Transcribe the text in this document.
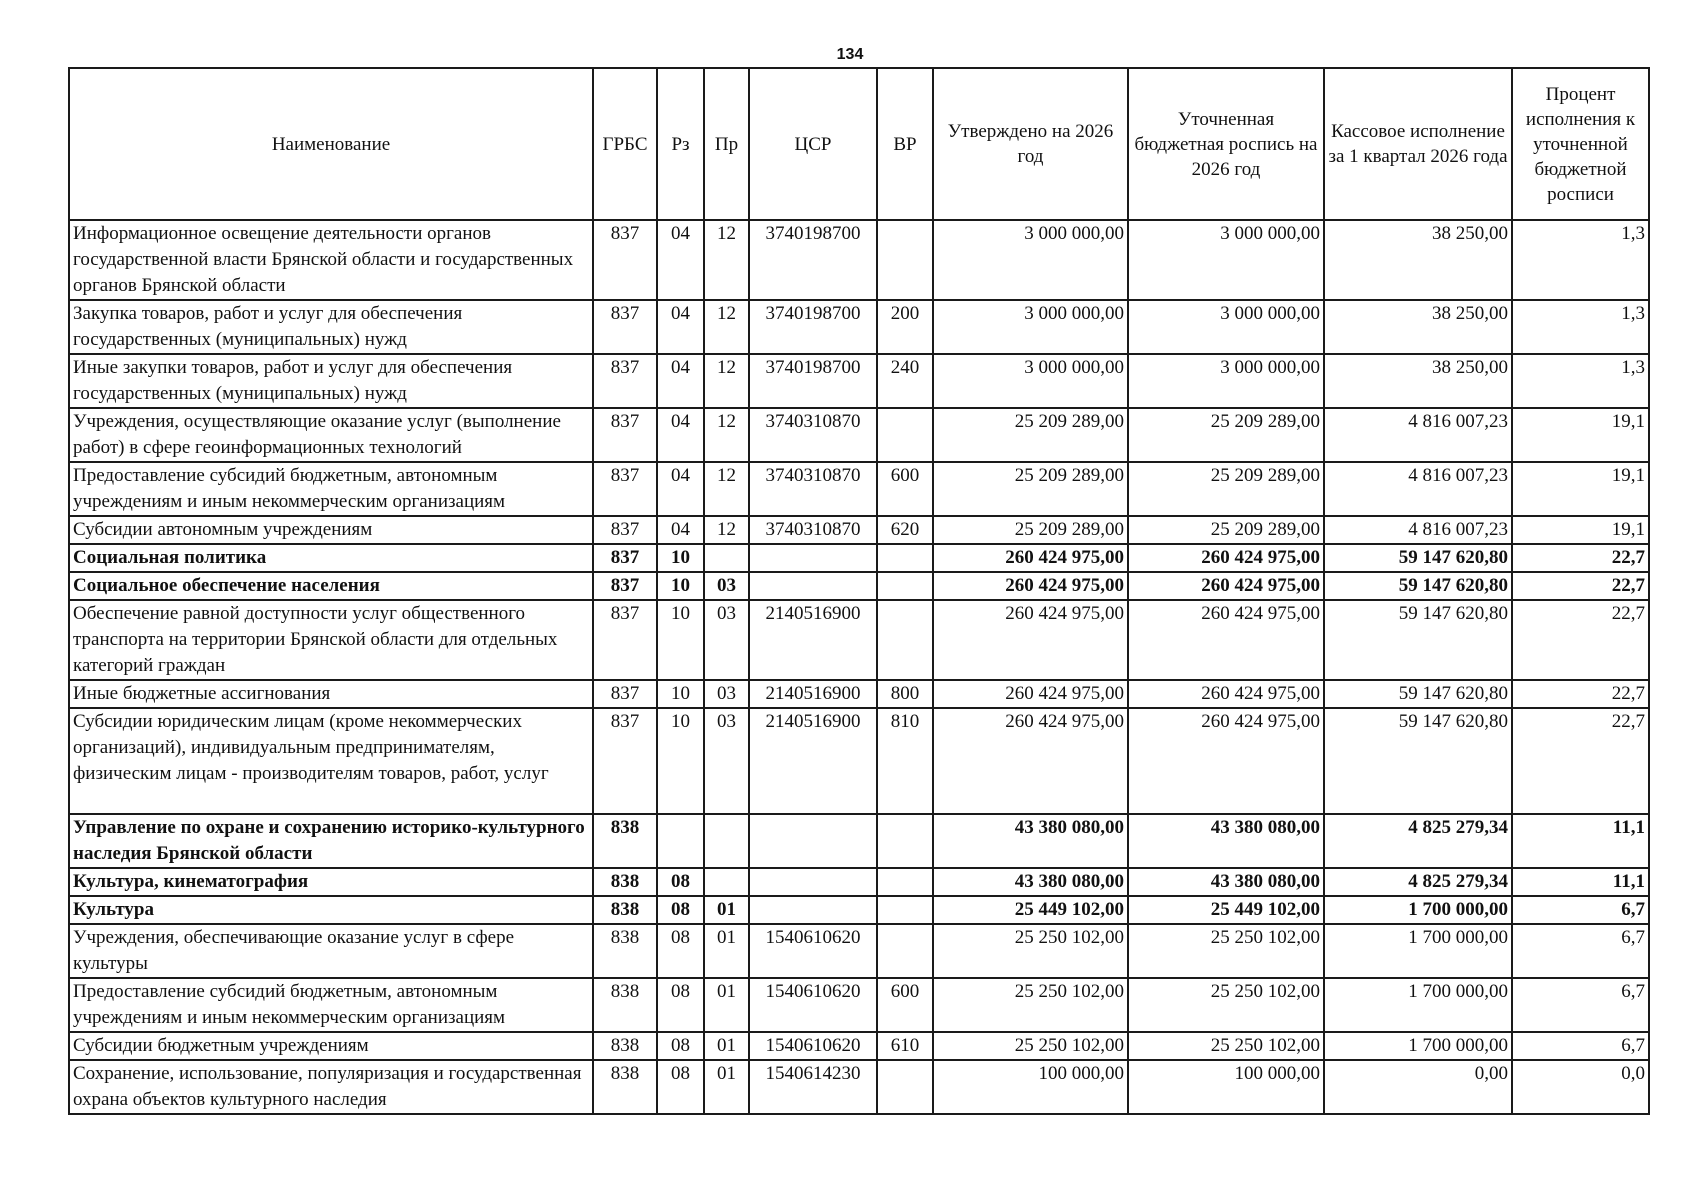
134
Наименование	ГРБС	Рз	Пр	ЦСР	ВР	Утверждено на 2026 год	Уточненная бюджетная роспись на 2026 год	Кассовое исполнение за 1 квартал 2026 года	Процент исполнения к уточненной бюджетной росписи
Информационное освещение деятельности органов государственной власти Брянской области и государственных органов Брянской области	837	04	12	3740198700		3 000 000,00	3 000 000,00	38 250,00	1,3
Закупка товаров, работ и услуг для обеспечения государственных (муниципальных) нужд	837	04	12	3740198700	200	3 000 000,00	3 000 000,00	38 250,00	1,3
Иные закупки товаров, работ и услуг для обеспечения государственных (муниципальных) нужд	837	04	12	3740198700	240	3 000 000,00	3 000 000,00	38 250,00	1,3
Учреждения, осуществляющие оказание услуг (выполнение работ) в сфере геоинформационных технологий	837	04	12	3740310870		25 209 289,00	25 209 289,00	4 816 007,23	19,1
Предоставление субсидий бюджетным, автономным учреждениям и иным некоммерческим организациям	837	04	12	3740310870	600	25 209 289,00	25 209 289,00	4 816 007,23	19,1
Субсидии автономным учреждениям	837	04	12	3740310870	620	25 209 289,00	25 209 289,00	4 816 007,23	19,1
Социальная политика	837	10				260 424 975,00	260 424 975,00	59 147 620,80	22,7
Социальное обеспечение населения	837	10	03			260 424 975,00	260 424 975,00	59 147 620,80	22,7
Обеспечение равной доступности услуг общественного транспорта на территории Брянской области для отдельных категорий граждан	837	10	03	2140516900		260 424 975,00	260 424 975,00	59 147 620,80	22,7
Иные бюджетные ассигнования	837	10	03	2140516900	800	260 424 975,00	260 424 975,00	59 147 620,80	22,7
Субсидии юридическим лицам (кроме некоммерческих организаций), индивидуальным предпринимателям, физическим лицам - производителям товаров, работ, услуг	837	10	03	2140516900	810	260 424 975,00	260 424 975,00	59 147 620,80	22,7
Управление по охране и сохранению историко-культурного наследия Брянской области	838					43 380 080,00	43 380 080,00	4 825 279,34	11,1
Культура, кинематография	838	08				43 380 080,00	43 380 080,00	4 825 279,34	11,1
Культура	838	08	01			25 449 102,00	25 449 102,00	1 700 000,00	6,7
Учреждения, обеспечивающие оказание услуг в сфере культуры	838	08	01	1540610620		25 250 102,00	25 250 102,00	1 700 000,00	6,7
Предоставление субсидий бюджетным, автономным учреждениям и иным некоммерческим организациям	838	08	01	1540610620	600	25 250 102,00	25 250 102,00	1 700 000,00	6,7
Субсидии бюджетным учреждениям	838	08	01	1540610620	610	25 250 102,00	25 250 102,00	1 700 000,00	6,7
Сохранение, использование, популяризация и государственная охрана объектов культурного наследия	838	08	01	1540614230		100 000,00	100 000,00	0,00	0,0
